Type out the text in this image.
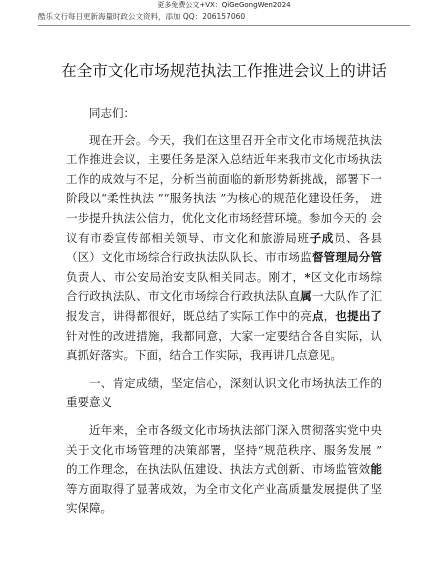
更多免费公文+VX：QiGeGongWen2024
酷乐文行每日更新海量时政公文资料，添加 QQ：206157060
在全市文化市场规范执法工作推进会议上的讲话

同志们：

现在开会。今天，我们在这里召开全市文化市场规范执法工作推进会议，主要任务是深入总结近年来我市文化市场执法工作的成效与不足，分析当前面临的新形势新挑战，部署下一阶段以“柔性执法 ”“服务执法 ”为核心的规范化建设任务， 进一步提升执法公信力，优化文化市场经营环境。参加今天的 会议有市委宣传部相关领导、市文化和旅游局班子成员、各县（区）文化市场综合行政执法队队长、市市场监督管理局分管 负责人、市公安局治安支队相关同志。刚才，*区文化市场综 合行政执法队、市文化市场综合行政执法队直属一大队作了汇 报发言，讲得都很好，既总结了实际工作中的亮点，也提出了 针对性的改进措施，我都同意，大家一定要结合各自实际，认 真抓好落实。下面，结合工作实际，我再讲几点意见。

一、肯定成绩，坚定信心，深刻认识文化市场执法工作的重要意义

近年来，全市各级文化市场执法部门深入贯彻落实党中央关于文化市场管理的决策部署，坚持“规范秩序、服务发展 ” 的工作理念，在执法队伍建设、执法方式创新、市场监管效能 等方面取得了显著成效，为全市文化产业高质量发展提供了坚 实保障。
